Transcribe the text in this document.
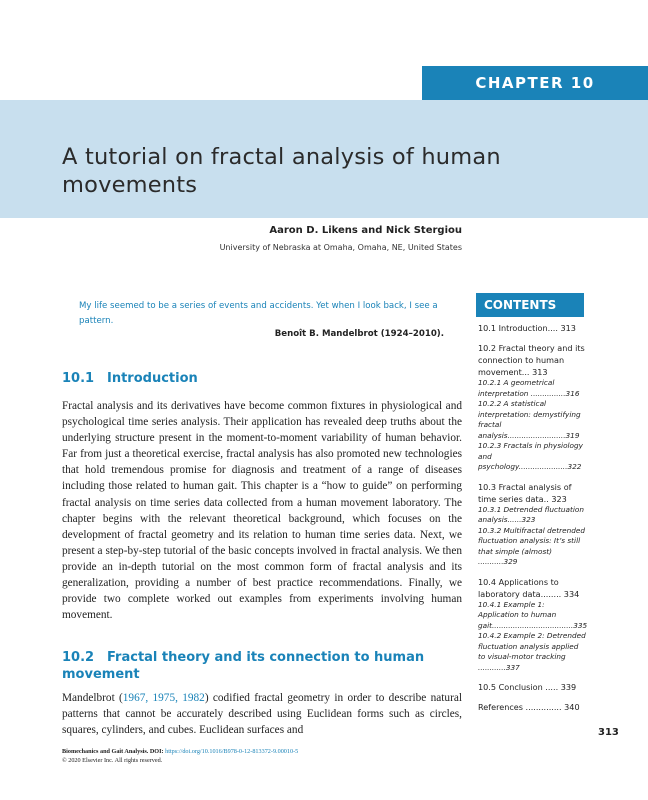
CHAPTER 10
A tutorial on fractal analysis of human movements
Aaron D. Likens and Nick Stergiou
University of Nebraska at Omaha, Omaha, NE, United States
My life seemed to be a series of events and accidents. Yet when I look back, I see a pattern.
Benoît B. Mandelbrot (1924–2010).
10.1 Introduction

Fractal analysis and its derivatives have become common fixtures in physiological and psychological time series analysis. Their application has revealed deep truths about the underlying structure present in the moment-to-moment variability of human behavior. Far from just a theoretical exercise, fractal analysis has also promoted new technologies that hold tremendous promise for diagnosis and treatment of a range of diseases including those related to human gait. This chapter is a “how to guide” on performing fractal analysis on time series data collected from a human movement laboratory. The chapter begins with the relevant theoretical background, which focuses on the development of fractal geometry and its relation to human time series data. Next, we present a step-by-step tutorial of the basic concepts involved in fractal analysis. We then provide an in-depth tutorial on the most common form of fractal analysis and its generalization, providing a number of best practice recommendations. Finally, we provide two complete worked out examples from experiments involving human movement.

10.2 Fractal theory and its connection to human movement

Mandelbrot (1967, 1975, 1982) codified fractal geometry in order to describe natural patterns that cannot be accurately described using Euclidean forms such as circles, squares, cylinders, and cubes. Euclidean surfaces and

CONTENTS
10.1 Introduction.... 313
10.2 Fractal theory and its connection to human movement... 313
10.2.1 A geometrical interpretation ...............316
10.2.2 A statistical interpretation: demystifying fractal analysis.........................319
10.2.3 Fractals in physiology and psychology.....................322
10.3 Fractal analysis of time series data.. 323
10.3.1 Detrended fluctuation analysis......323
10.3.2 Multifractal detrended fluctuation analysis: It’s still that simple (almost) ...........329
10.4 Applications to laboratory data........ 334
10.4.1 Example 1: Application to human gait...................................335
10.4.2 Example 2: Detrended fluctuation analysis applied to visual-motor tracking ............337
10.5 Conclusion ..... 339
References .............. 340
313
Biomechanics and Gait Analysis. DOI: https://doi.org/10.1016/B978-0-12-813372-9.00010-5
© 2020 Elsevier Inc. All rights reserved.
